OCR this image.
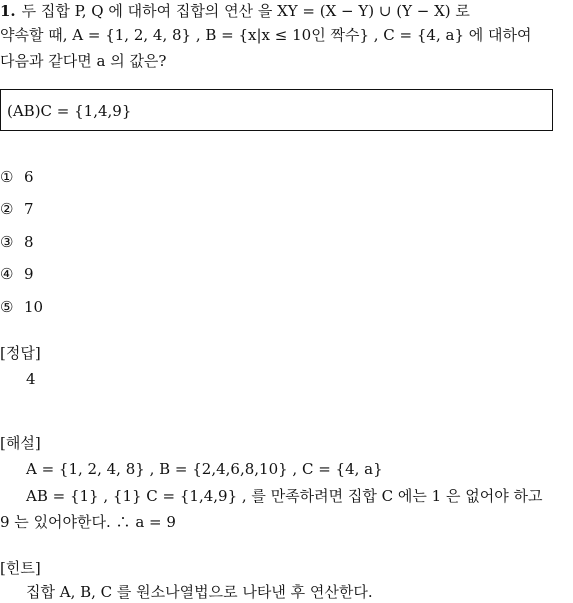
1. 두 집합 P, Q 에 대하여 집합의 연산 을 XY = (X − Y) ∪ (Y − X) 로
약속할 때, A = {1, 2, 4, 8} , B = {x|x ≤ 10인 짝수} , C = {4, a} 에 대하여
다음과 같다면 a 의 값은?
(AB)C = {1,4,9}
① 6
② 7
③ 8
④ 9
⑤ 10
[정답]
4
[해설]
A = {1, 2, 4, 8} , B = {2,4,6,8,10} , C = {4, a}
AB = {1} , {1} C = {1,4,9} , 를 만족하려면 집합 C 에는 1 은 없어야 하고
9 는 있어야한다. ∴ a = 9
[힌트]
집합 A, B, C 를 원소나열법으로 나타낸 후 연산한다.
